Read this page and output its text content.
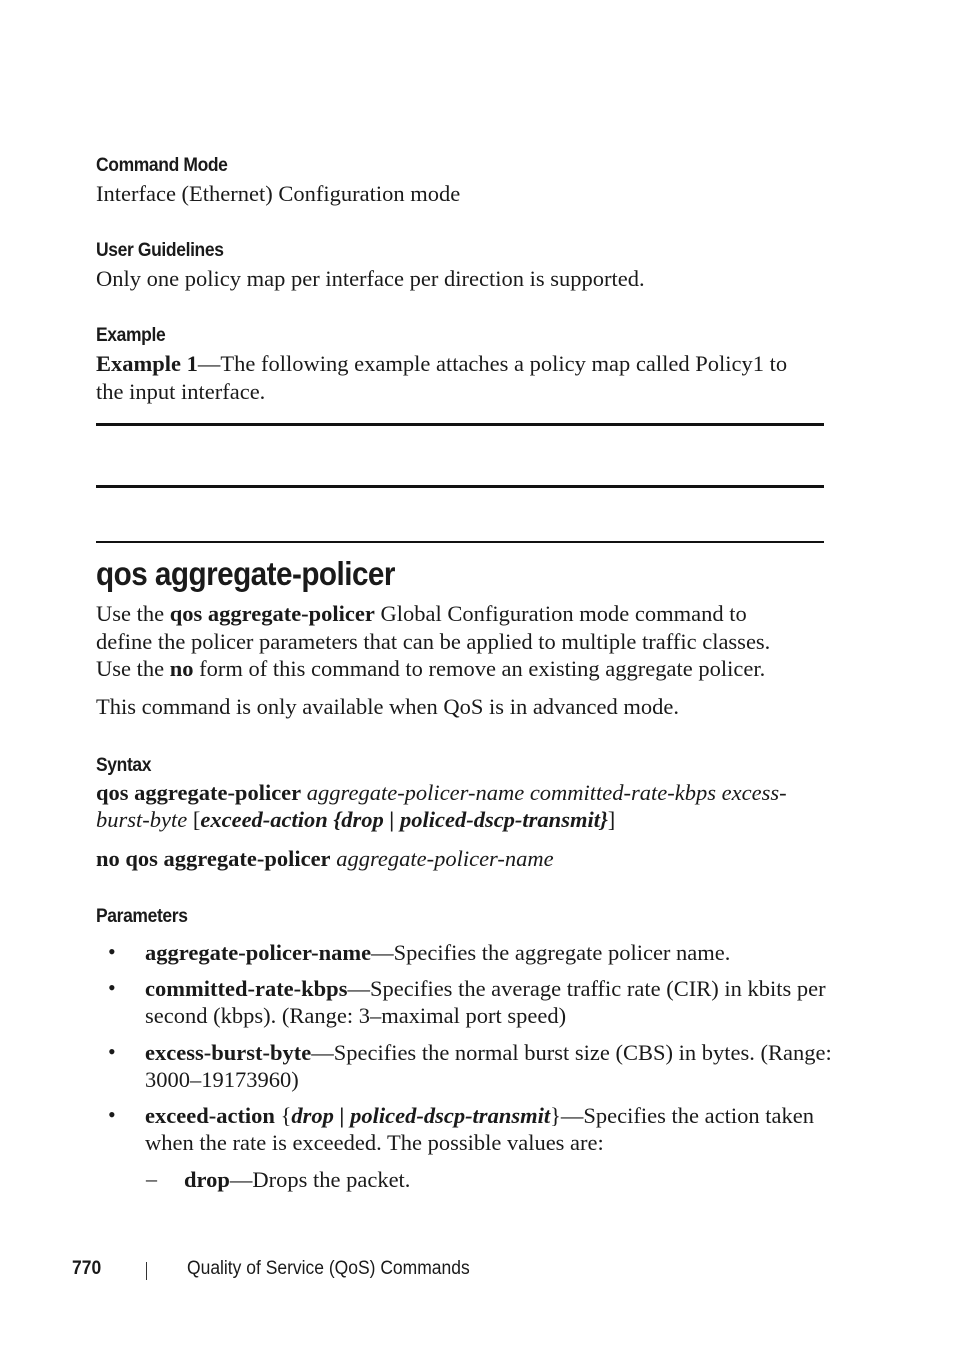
Command Mode
Interface (Ethernet) Configuration mode
User Guidelines
Only one policy map per interface per direction is supported.
Example
Example 1—The following example attaches a policy map called Policy1 to
the input interface.
qos aggregate-policer
Use the qos aggregate-policer Global Configuration mode command to
define the policer parameters that can be applied to multiple traffic classes.
Use the no form of this command to remove an existing aggregate policer.
This command is only available when QoS is in advanced mode.
Syntax
qos aggregate-policer aggregate-policer-name committed-rate-kbps excess-
burst-byte [exceed-action {drop | policed-dscp-transmit}]
no qos aggregate-policer aggregate-policer-name
Parameters
• aggregate-policer-name—Specifies the aggregate policer name.
• committed-rate-kbps—Specifies the average traffic rate (CIR) in kbits per
second (kbps). (Range: 3–maximal port speed)
• excess-burst-byte—Specifies the normal burst size (CBS) in bytes. (Range:
3000–19173960)
• exceed-action {drop | policed-dscp-transmit}—Specifies the action taken
when the rate is exceeded. The possible values are:
– drop—Drops the packet.
770	Quality of Service (QoS) Commands
